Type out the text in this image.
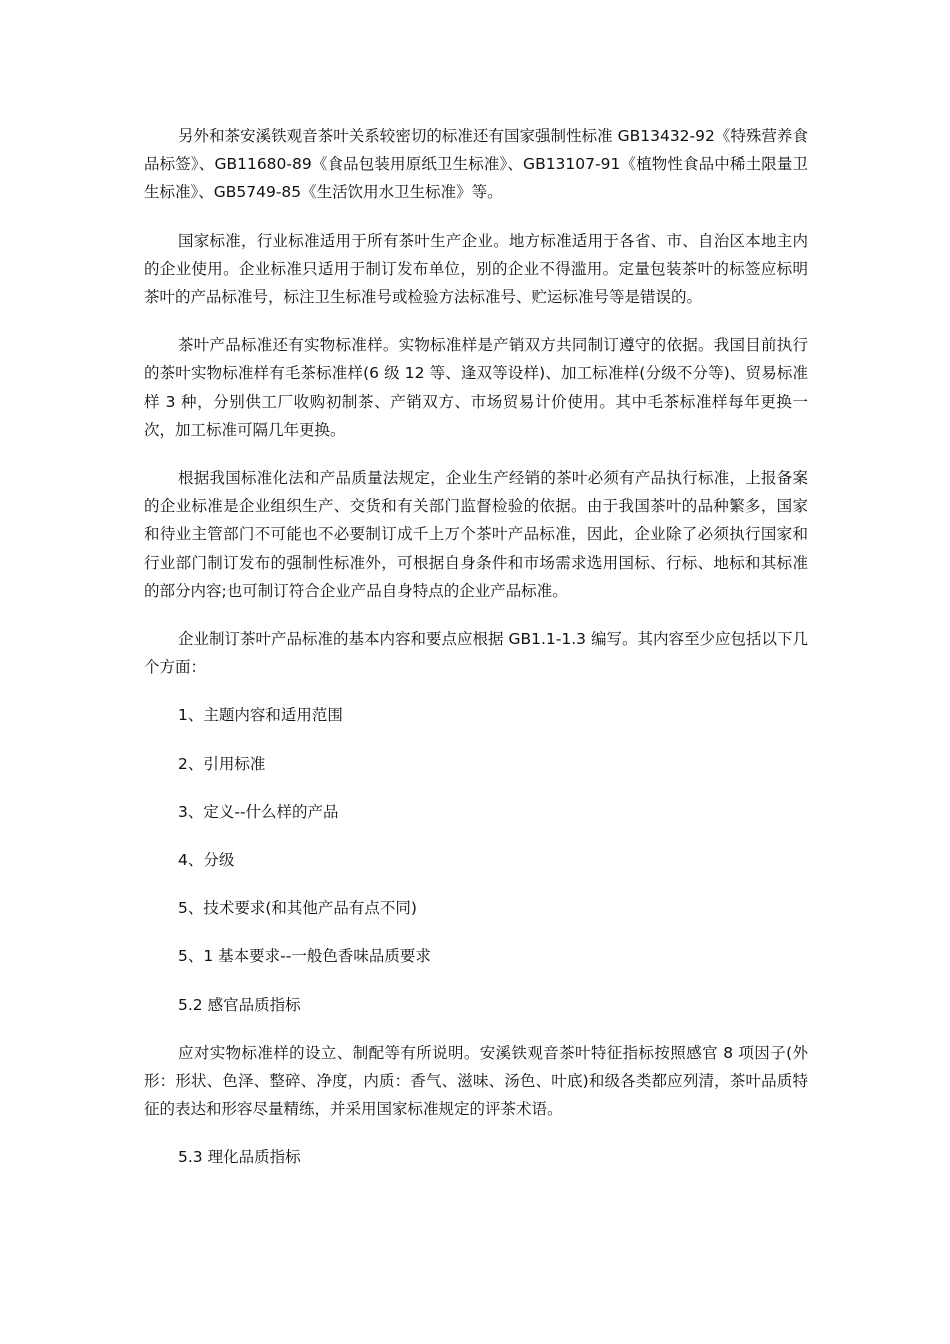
另外和茶安溪铁观音茶叶关系较密切的标准还有国家强制性标准 GB13432-92《特殊营养食品标签》、GB11680-89《食品包装用原纸卫生标准》、GB13107-91《植物性食品中稀土限量卫生标准》、GB5749-85《生活饮用水卫生标准》等。

国家标准，行业标准适用于所有茶叶生产企业。地方标准适用于各省、市、自治区本地主内的企业使用。企业标准只适用于制订发布单位，别的企业不得滥用。定量包装茶叶的标签应标明茶叶的产品标准号，标注卫生标准号或检验方法标准号、贮运标准号等是错误的。

茶叶产品标准还有实物标准样。实物标准样是产销双方共同制订遵守的依据。我国目前执行的茶叶实物标准样有毛茶标准样(6 级 12 等、逢双等设样)、加工标准样(分级不分等)、贸易标准样 3 种，分别供工厂收购初制茶、产销双方、市场贸易计价使用。其中毛茶标准样每年更换一次，加工标准可隔几年更换。

根据我国标准化法和产品质量法规定，企业生产经销的茶叶必须有产品执行标准，上报备案的企业标准是企业组织生产、交货和有关部门监督检验的依据。由于我国茶叶的品种繁多，国家和待业主管部门不可能也不必要制订成千上万个茶叶产品标准，因此，企业除了必须执行国家和行业部门制订发布的强制性标准外，可根据自身条件和市场需求选用国标、行标、地标和其标准的部分内容;也可制订符合企业产品自身特点的企业产品标准。

企业制订茶叶产品标准的基本内容和要点应根据 GB1.1-1.3 编写。其内容至少应包括以下几个方面：

1、主题内容和适用范围

2、引用标准

3、定义--什么样的产品

4、分级

5、技术要求(和其他产品有点不同)

5、1 基本要求--一般色香味品质要求

5.2 感官品质指标

应对实物标准样的设立、制配等有所说明。安溪铁观音茶叶特征指标按照感官 8 项因子(外形：形状、色泽、整碎、净度，内质：香气、滋味、汤色、叶底)和级各类都应列清，茶叶品质特征的表达和形容尽量精练，并采用国家标准规定的评茶术语。

5.3 理化品质指标
